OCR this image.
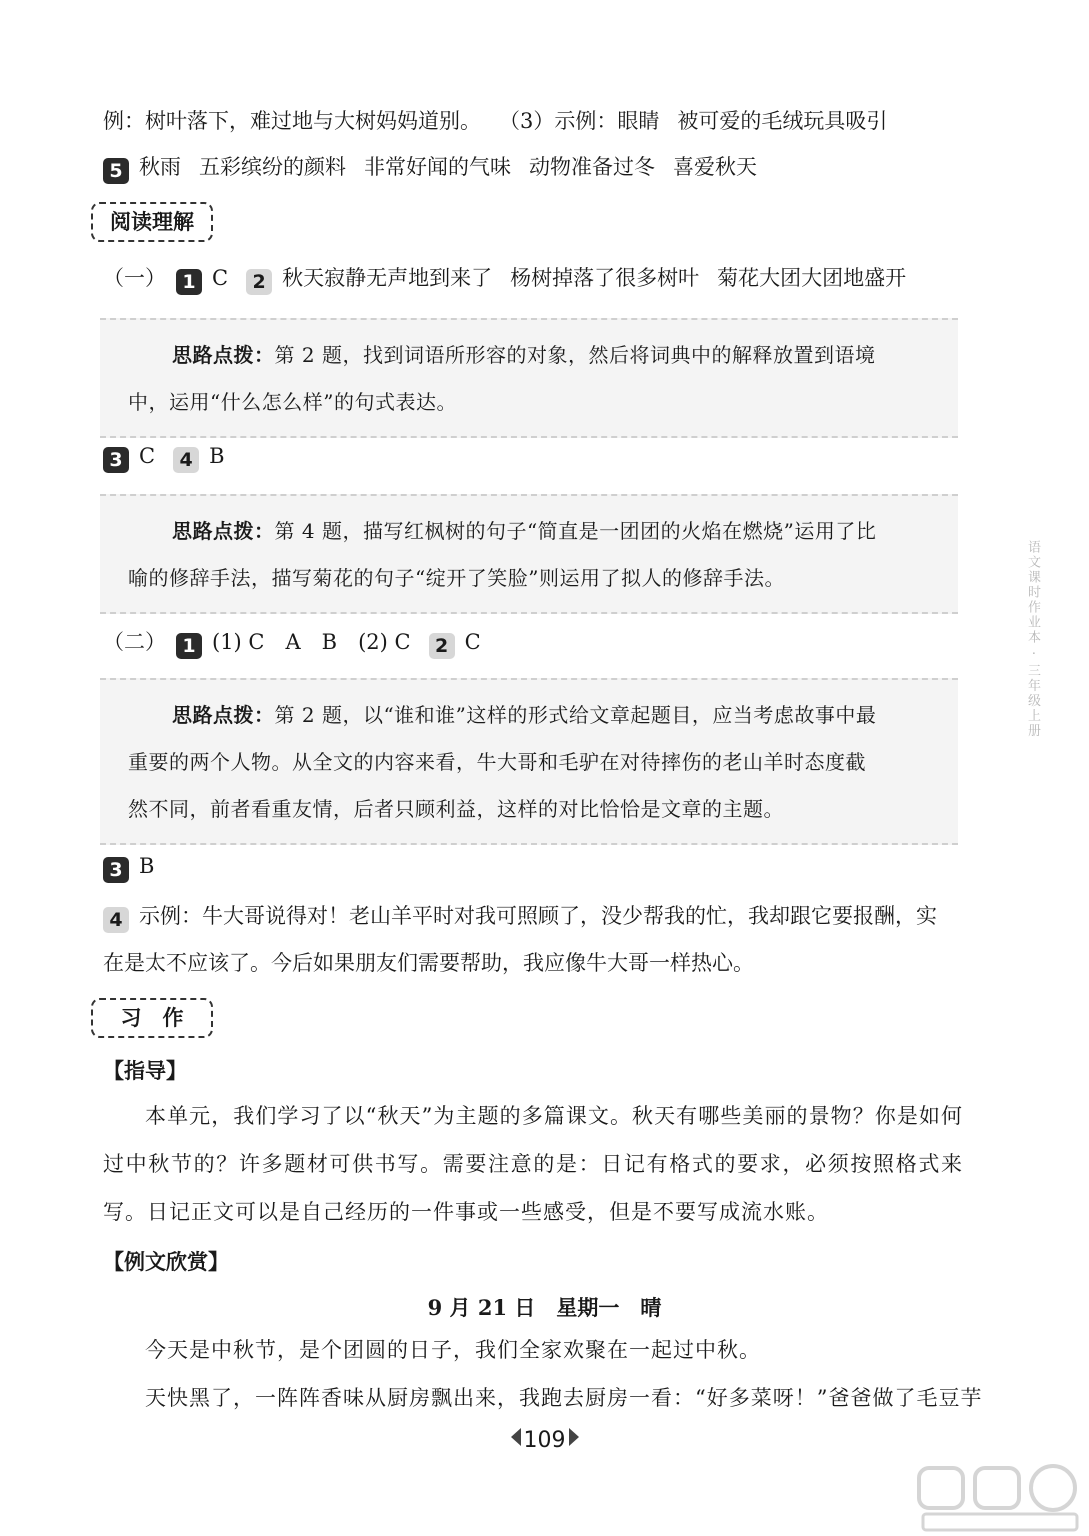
例：树叶落下，难过地与大树妈妈道别。 （3）示例：眼睛 被可爱的毛绒玩具吸引
5 秋雨 五彩缤纷的颜料 非常好闻的气味 动物准备过冬 喜爱秋天
阅读理解
（一） 1 C 2 秋天寂静无声地到来了 杨树掉落了很多树叶 菊花大团大团地盛开

思路点拨：第 2 题，找到词语所形容的对象，然后将词典中的解释放置到语境

中，运用“什么怎么样”的句式表达。

3 C 4 B

思路点拨：第 4 题，描写红枫树的句子“简直是一团团的火焰在燃烧”运用了比

喻的修辞手法，描写菊花的句子“绽开了笑脸”则运用了拟人的修辞手法。

（二） 1 (1) C　A　B　(2) C 2 C

思路点拨：第 2 题，以“谁和谁”这样的形式给文章起题目，应当考虑故事中最

重要的两个人物。从全文的内容来看，牛大哥和毛驴在对待摔伤的老山羊时态度截

然不同，前者看重友情，后者只顾利益，这样的对比恰恰是文章的主题。

3 B
4 示例：牛大哥说得对！老山羊平时对我可照顾了，没少帮我的忙，我却跟它要报酬，实
在是太不应该了。今后如果朋友们需要帮助，我应像牛大哥一样热心。
习　作
【指导】
本单元，我们学习了以“秋天”为主题的多篇课文。秋天有哪些美丽的景物？你是如何过中秋节的？许多题材可供书写。需要注意的是：日记有格式的要求，必须按照格式来写。日记正文可以是自己经历的一件事或一些感受，但是不要写成流水账。
【例文欣赏】
9 月 21 日　星期一　晴
今天是中秋节，是个团圆的日子，我们全家欢聚在一起过中秋。
天快黑了，一阵阵香味从厨房飘出来，我跑去厨房一看：“好多菜呀！”爸爸做了毛豆芋
109
语文课时作业本 · 三年级上册
